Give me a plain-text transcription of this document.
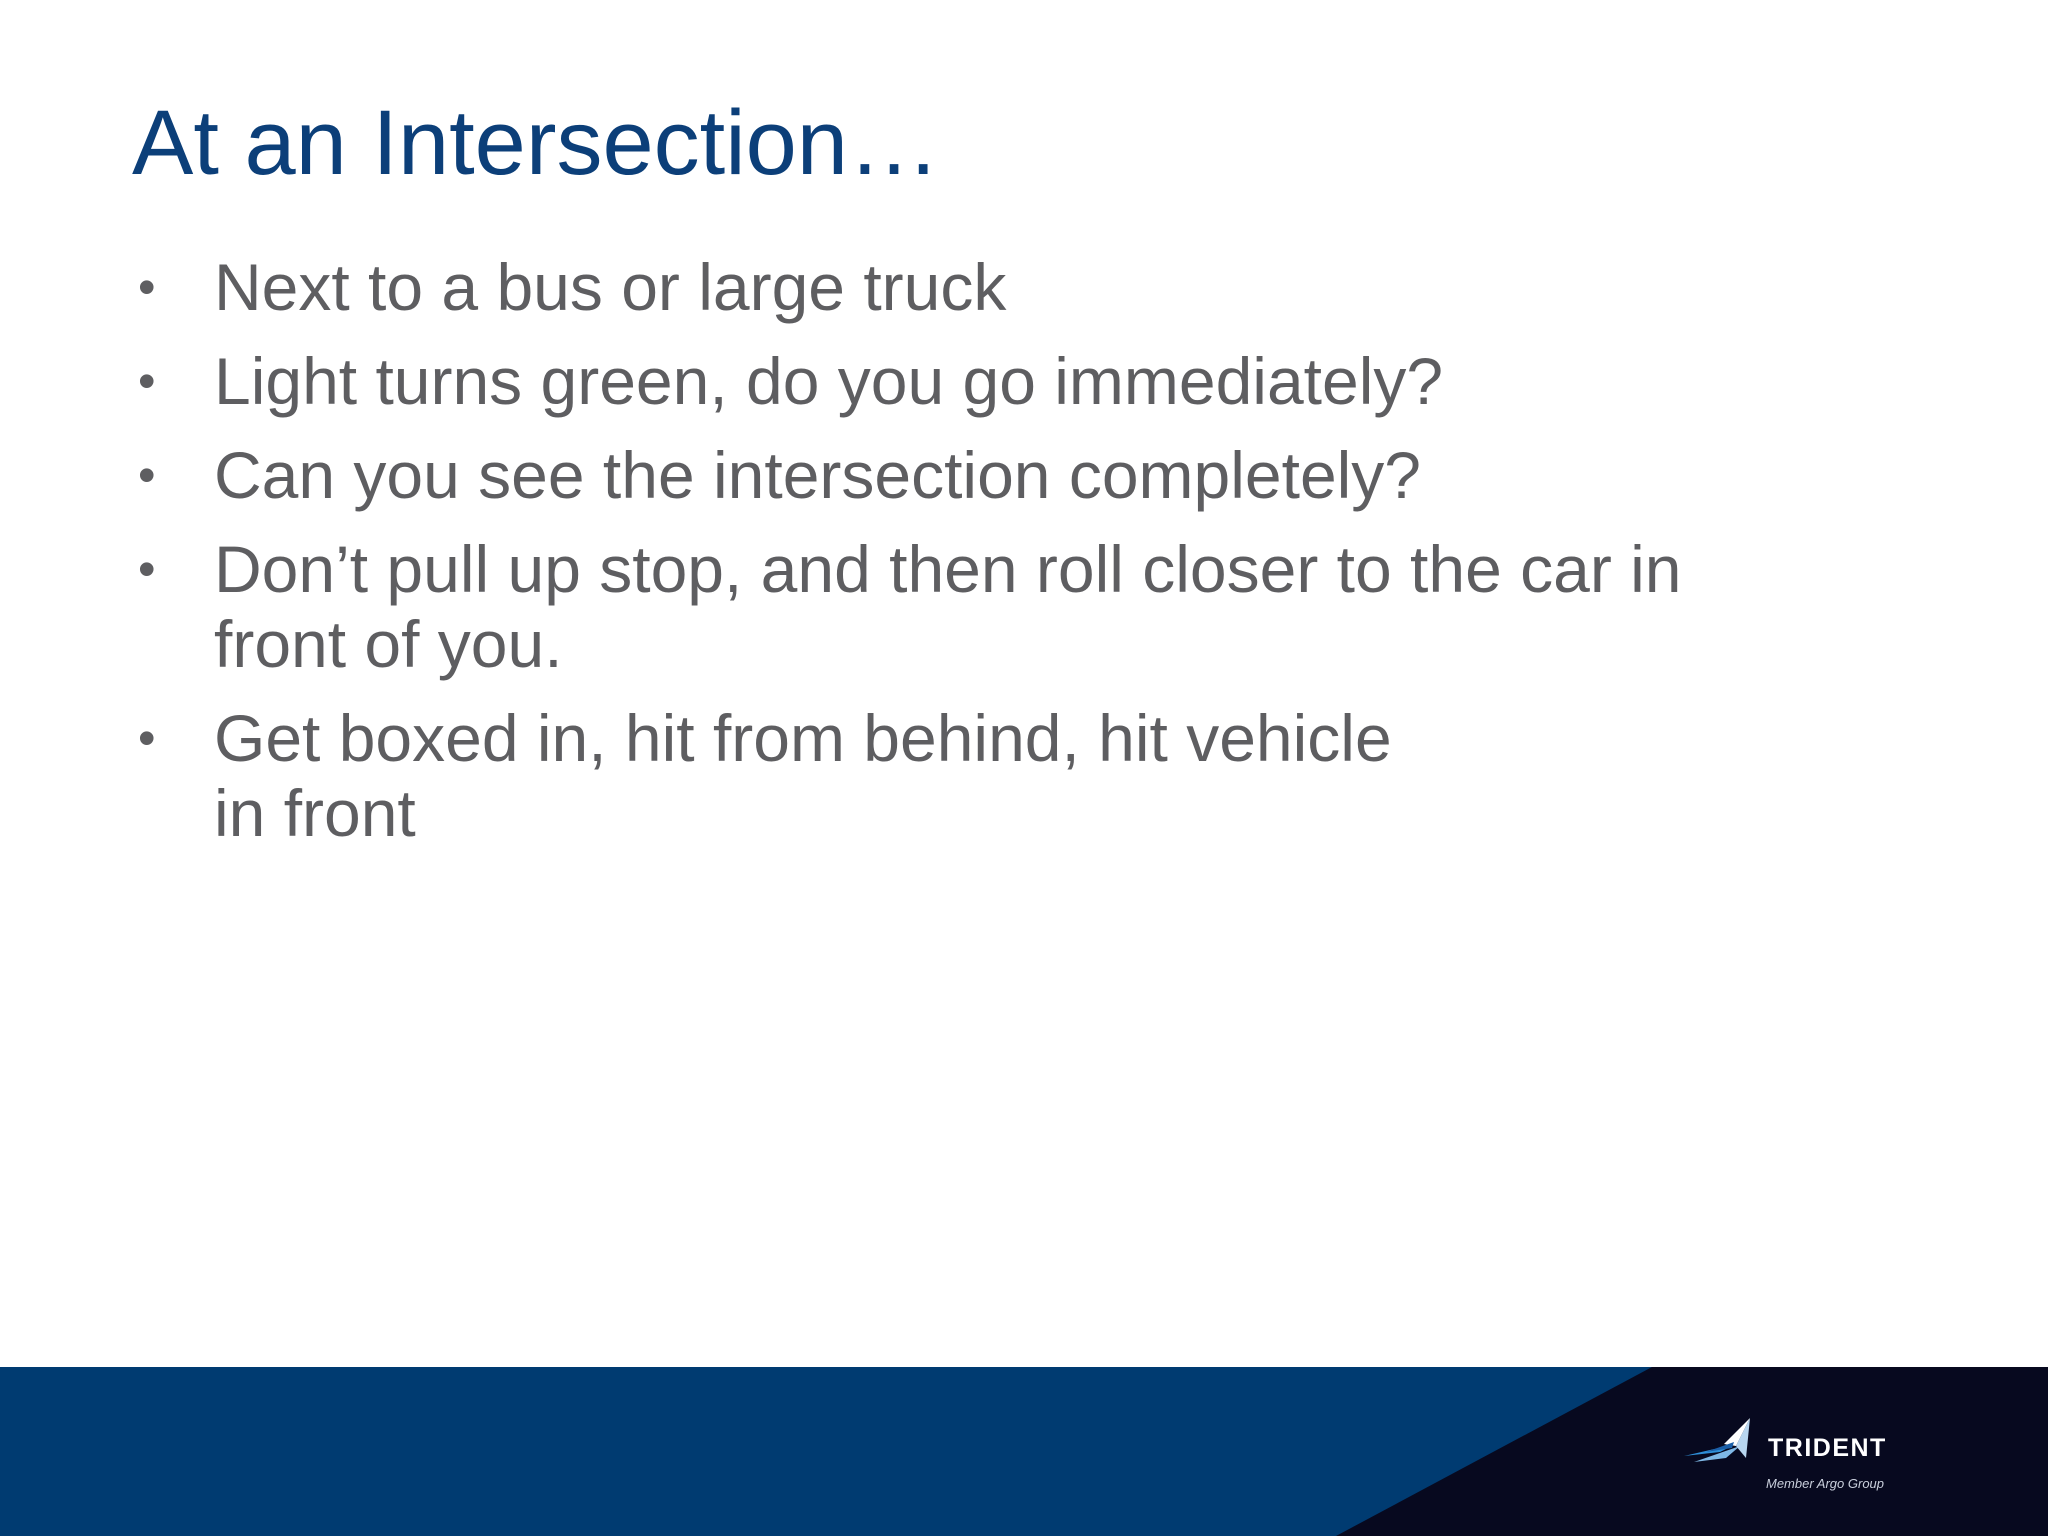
At an Intersection…
• Next to a bus or large truck
• Light turns green, do you go immediately?
• Can you see the intersection completely?
• Don’t pull up stop, and then roll closer to the car in
front of you.
• Get boxed in, hit from behind, hit vehicle
in front
TRIDENT
Member Argo Group
